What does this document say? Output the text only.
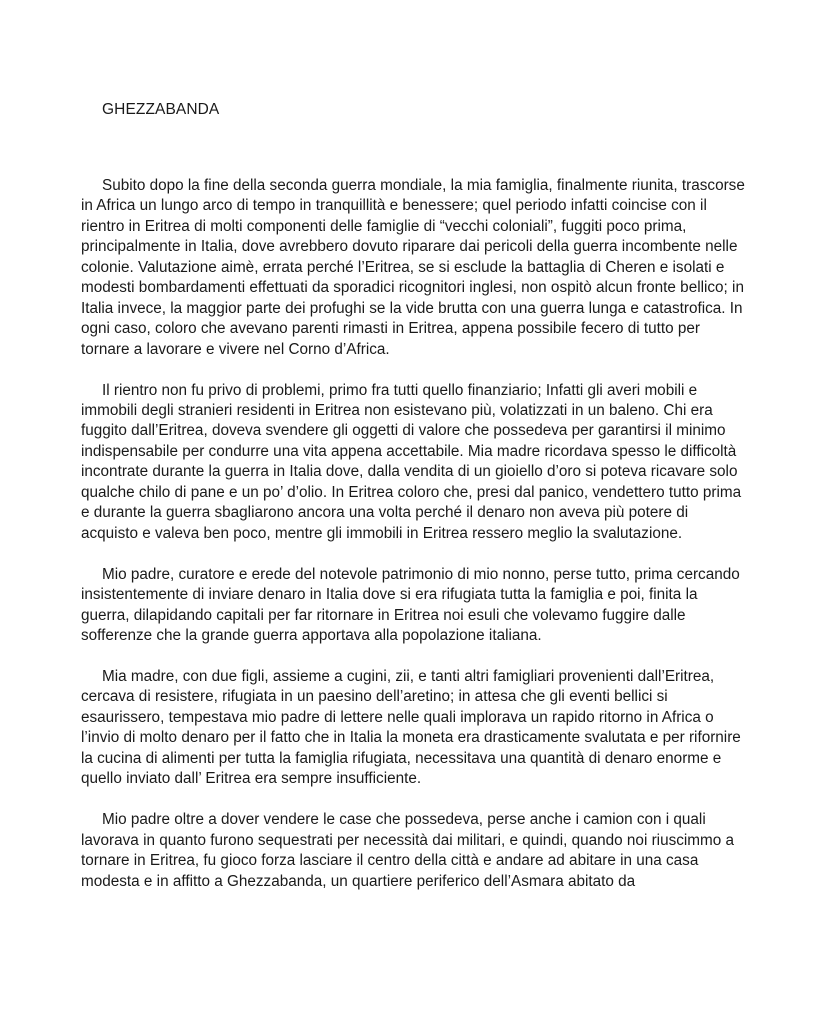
GHEZZABANDA

Subito dopo la fine della seconda guerra mondiale, la mia famiglia, finalmente riunita, trascorse in Africa un lungo arco di tempo in tranquillità e benessere; quel periodo infatti coincise con il rientro in Eritrea di molti componenti delle famiglie di “vecchi coloniali”, fuggiti poco prima, principalmente in Italia, dove avrebbero dovuto riparare dai pericoli della guerra incombente nelle colonie. Valutazione aimè, errata perché l’Eritrea, se si esclude la battaglia di Cheren e isolati e modesti bombardamenti effettuati da sporadici ricognitori inglesi, non ospitò alcun fronte bellico; in Italia invece, la maggior parte dei profughi se la vide brutta con una guerra lunga e catastrofica. In ogni caso, coloro che avevano parenti rimasti in Eritrea, appena possibile fecero di tutto per tornare a lavorare e vivere nel Corno d’Africa.

Il rientro non fu privo di problemi, primo fra tutti quello finanziario; Infatti gli averi mobili e immobili degli stranieri residenti in Eritrea non esistevano più, volatizzati in un baleno. Chi era fuggito dall’Eritrea, doveva svendere gli oggetti di valore che possedeva per garantirsi il minimo indispensabile per condurre una vita appena accettabile. Mia madre ricordava spesso le difficoltà incontrate durante la guerra in Italia dove, dalla vendita di un gioiello d’oro si poteva ricavare solo qualche chilo di pane e un po’ d’olio. In Eritrea coloro che, presi dal panico, vendettero tutto prima e durante la guerra sbagliarono ancora una volta perché il denaro non aveva più potere di acquisto e valeva ben poco, mentre gli immobili in Eritrea ressero meglio la svalutazione.

Mio padre, curatore e erede del notevole patrimonio di mio nonno, perse tutto, prima cercando insistentemente di inviare denaro in Italia dove si era rifugiata tutta la famiglia e poi, finita la guerra, dilapidando capitali per far ritornare in Eritrea noi esuli che volevamo fuggire dalle sofferenze che la grande guerra apportava alla popolazione italiana.

Mia madre, con due figli, assieme a cugini, zii, e tanti altri famigliari provenienti dall’Eritrea, cercava di resistere, rifugiata in un paesino dell’aretino; in attesa che gli eventi bellici si esaurissero, tempestava mio padre di lettere nelle quali implorava un rapido ritorno in Africa o l’invio di molto denaro per il fatto che in Italia la moneta era drasticamente svalutata e per rifornire la cucina di alimenti per tutta la famiglia rifugiata, necessitava una quantità di denaro enorme e quello inviato dall’ Eritrea era sempre insufficiente.

Mio padre oltre a dover vendere le case che possedeva, perse anche i camion con i quali lavorava in quanto furono sequestrati per necessità dai militari, e quindi, quando noi riuscimmo a tornare in Eritrea, fu gioco forza lasciare il centro della città e andare ad abitare in una casa modesta e in affitto a Ghezzabanda, un quartiere periferico dell’Asmara abitato da
